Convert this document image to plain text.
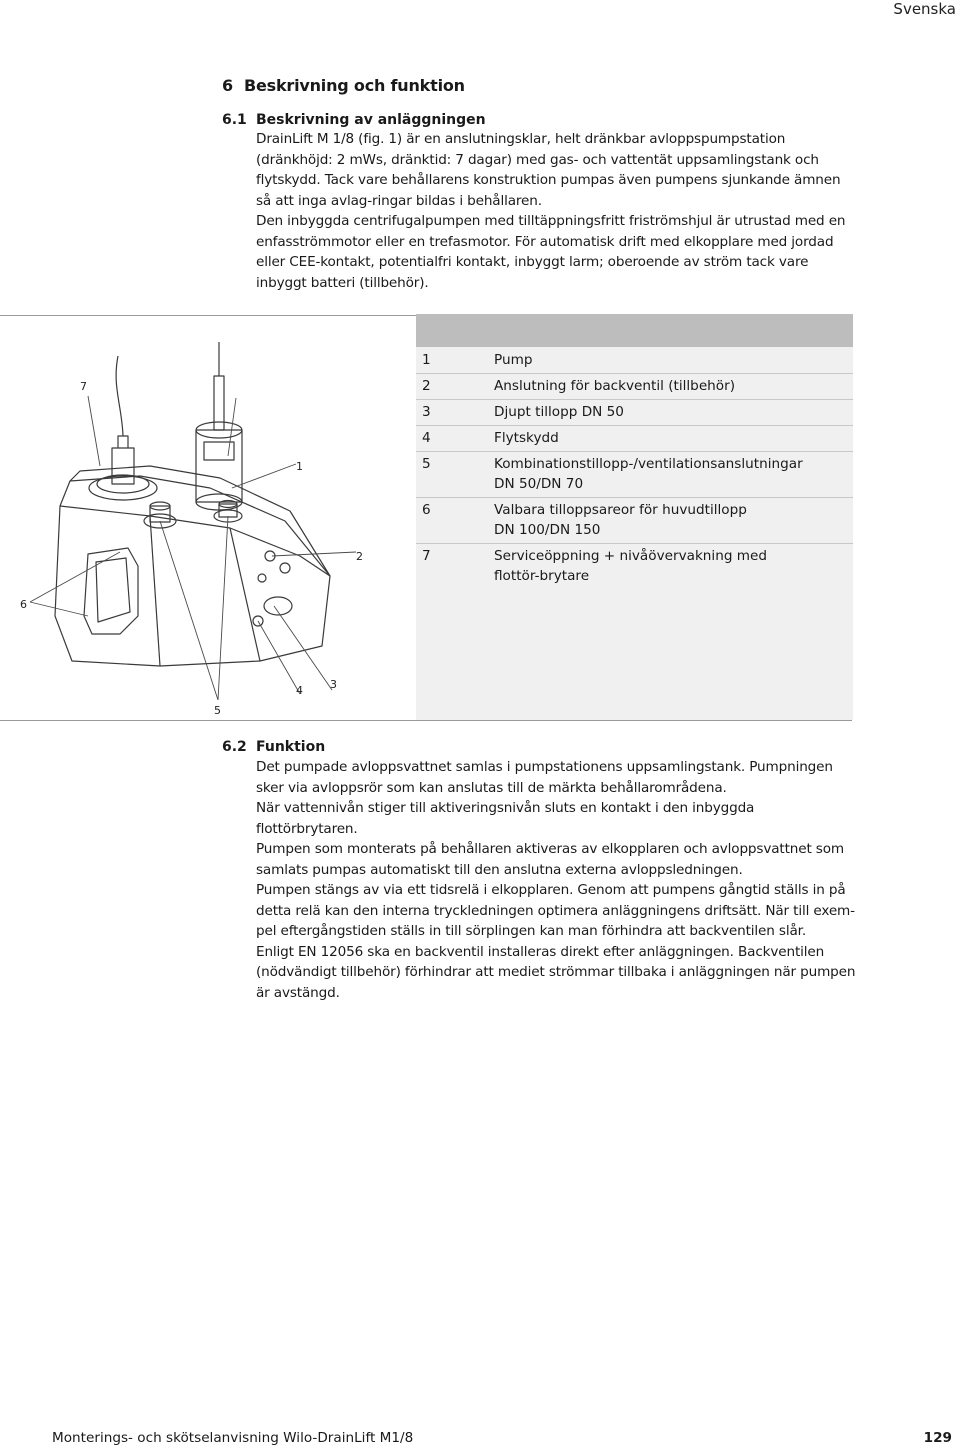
Svenska
6 Beskrivning och funktion
6.1 Beskrivning av anläggningen

DrainLift M 1/8 (fig. 1) är en anslutningsklar, helt dränkbar avloppspumpstation (dränkhöjd: 2 mWs, dränktid: 7 dagar) med gas- och vattentät uppsamlingstank och flytskydd. Tack vare behållarens konstruktion pumpas även pumpens sjunkande ämnen så att inga avlag-ringar bildas i behållaren.

Den inbyggda centrifugalpumpen med tilltäppningsfritt friströmshjul är utrustad med en enfasströmmotor eller en trefasmotor. För automatisk drift med elkopplare med jordad eller CEE-kontakt, potentialfri kontakt, inbyggt larm; oberoende av ström tack vare inbyggt batteri (tillbehör).

1
2
3
4
5
6
7
1	Pump
2	Anslutning för backventil (tillbehör)
3	Djupt tillopp DN 50
4	Flytskydd
5	Kombinationstillopp-/ventilationsanslutningar DN 50/DN 70
6	Valbara tilloppsareor för huvudtillopp DN 100/DN 150
7	Serviceöppning + nivåövervakning med flottör-brytare
6.2 Funktion

Det pumpade avloppsvattnet samlas i pumpstationens uppsamlingstank. Pumpningen sker via avloppsrör som kan anslutas till de märkta behållarområdena.

När vattennivån stiger till aktiveringsnivån sluts en kontakt i den inbyggda flottörbrytaren.

Pumpen som monterats på behållaren aktiveras av elkopplaren och avloppsvattnet som samlats pumpas automatiskt till den anslutna externa avloppsledningen.

Pumpen stängs av via ett tidsrelä i elkopplaren. Genom att pumpens gångtid ställs in på detta relä kan den interna tryckledningen optimera anläggningens driftsätt. När till exem-pel eftergångstiden ställs in till sörplingen kan man förhindra att backventilen slår.

Enligt EN 12056 ska en backventil installeras direkt efter anläggningen. Backventilen (nödvändigt tillbehör) förhindrar att mediet strömmar tillbaka i anläggningen när pumpen är avstängd.

Monterings- och skötselanvisning Wilo-DrainLift M1/8	129
